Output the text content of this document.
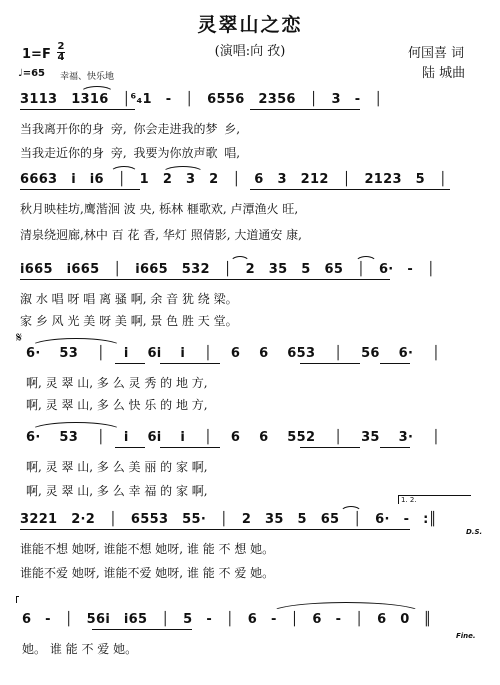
灵翠山之恋
(演唱:向 孜)	何国喜 词
陆 城曲
1=F
2
4
♩=65 幸福、快乐地
3113 1316 │⁶₄1 - │ 6556 2356 │ 3 - │
当我离开你的身 旁, 你会走进我的梦 乡,
当我走近你的身 旁, 我要为你放声歌 唱,
6663 i i6 │ 1 2 3 2 │ 6 3 212 │ 2123 5 │
秋月映桂坊,鹰湝洄 波 央, 栎林 榧歌欢, 卢潭渔火 旺,
清泉绕迥廊,林中 百 花 香, 华灯 照倩影, 大道通安 康,
i665 i665 │ i665 532 │ 2 35 5 65 │ 6· - │
溆 水 唱 呀 唱 离 骚 啊, 余 音 犹 绕 梁。
家 乡 风 光 美 呀 美 啊, 景 色 胜 天 堂。
𝄋
6· 53 │ i 6i i │ 6 6 653 │ 56 6· │
啊, 灵 翠 山, 多 么 灵 秀 的 地 方,
啊, 灵 翠 山, 多 么 快 乐 的 地 方,
6· 53 │ i 6i i │ 6 6 552 │ 35 3· │
啊, 灵 翠 山, 多 么 美 丽 的 家 啊,
啊, 灵 翠 山, 多 么 幸 福 的 家 啊,
1. 2.
3221 2·2 │ 6553 55· │ 2 35 5 65 │ 6· - :║
D.S.
谁能不想 她呀, 谁能不想 她呀, 谁 能 不 想 她。
谁能不爱 她呀, 谁能不爱 她呀, 谁 能 不 爱 她。
6 - │ 56i i65 │ 5 - │ 6 - │ 6 - │ 6 0 ║
Fine.
她。 谁 能 不 爱 她。
